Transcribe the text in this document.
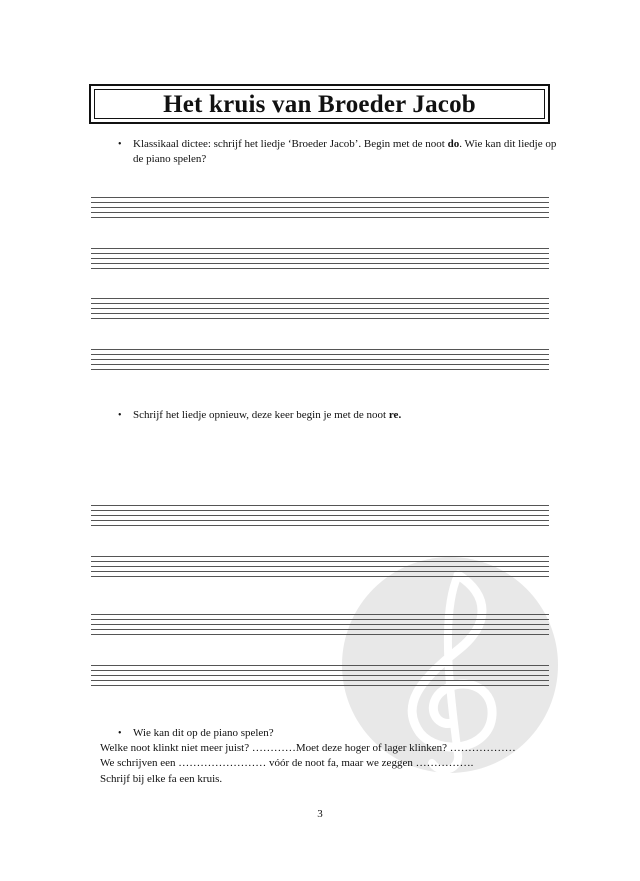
Het kruis van Broeder Jacob
• Klassikaal dictee: schrijf het liedje ‘Broeder Jacob’. Begin met de noot do. Wie kan dit liedje op de piano spelen?
• Schrijf het liedje opnieuw, deze keer begin je met de noot re.
• Wie kan dit op de piano spelen?
Welke noot klinkt niet meer juist? …………Moet deze hoger of lager klinken? ………………
We schrijven een …………………… vóór de noot fa, maar we zeggen …………….
Schrijf bij elke fa een kruis.
3
